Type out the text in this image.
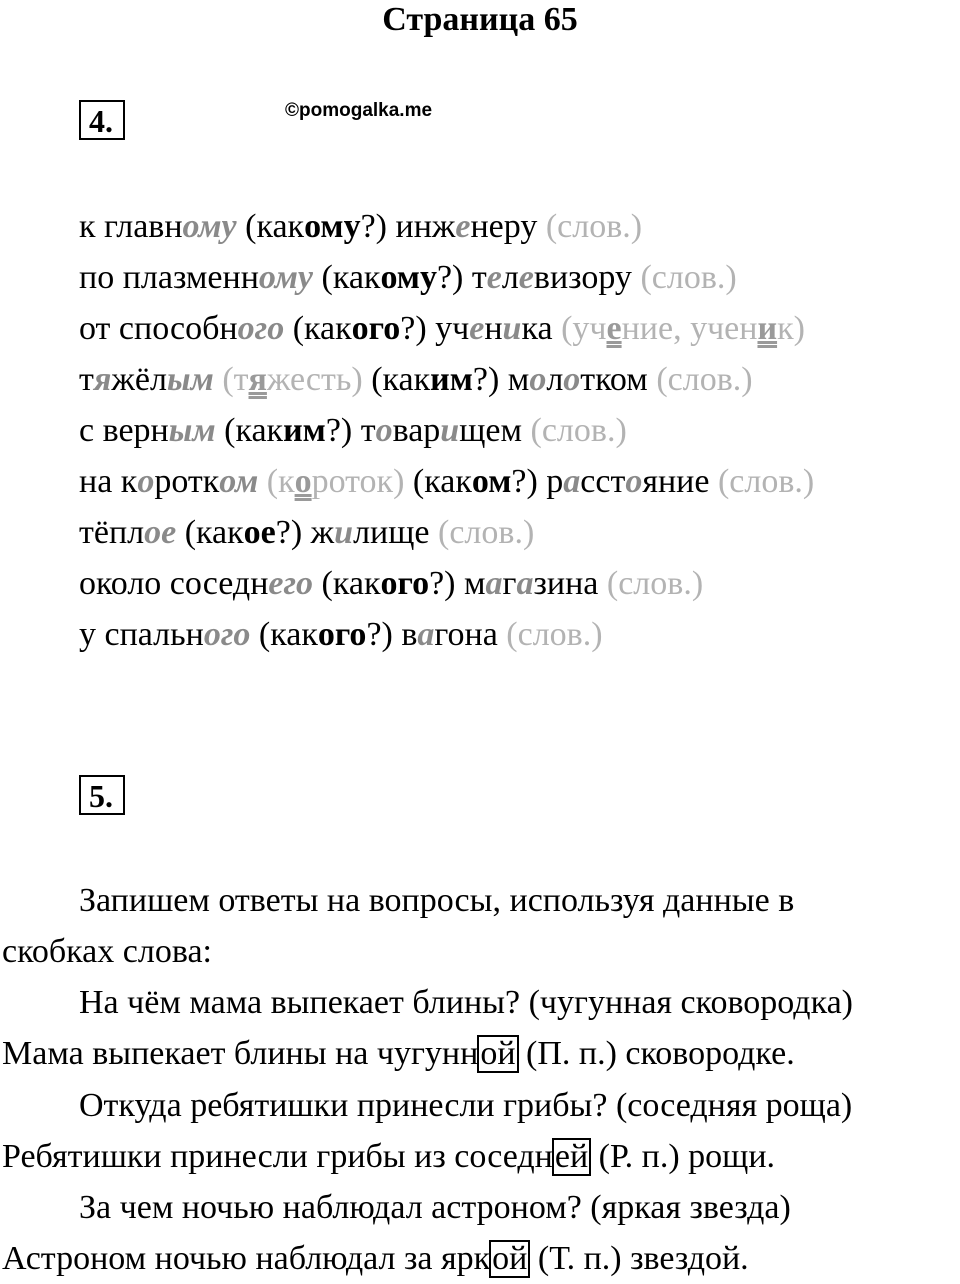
Страница 65
4.	©pomogalka.me
к главному (какому?) инженеру (слов.)
по плазменному (какому?) телевизору (слов.)
от способного (какого?) ученика (учение, ученик)
тяжёлым (тяжесть) (каким?) молотком (слов.)
с верным (каким?) товарищем (слов.)
на коротком (короток) (каком?) расстояние (слов.)
тёплое (какое?) жилище (слов.)
около соседнего (какого?) магазина (слов.)
у спального (какого?) вагона (слов.)
5.
Запишем ответы на вопросы, используя данные в
скобках слова:
На чём мама выпекает блины? (чугунная сковородка)
Мама выпекает блины на чугунной (П. п.) сковородке.
Откуда ребятишки принесли грибы? (соседняя роща)
Ребятишки принесли грибы из соседней (Р. п.) рощи.
За чем ночью наблюдал астроном? (яркая звезда)
Астроном ночью наблюдал за яркой (Т. п.) звездой.
